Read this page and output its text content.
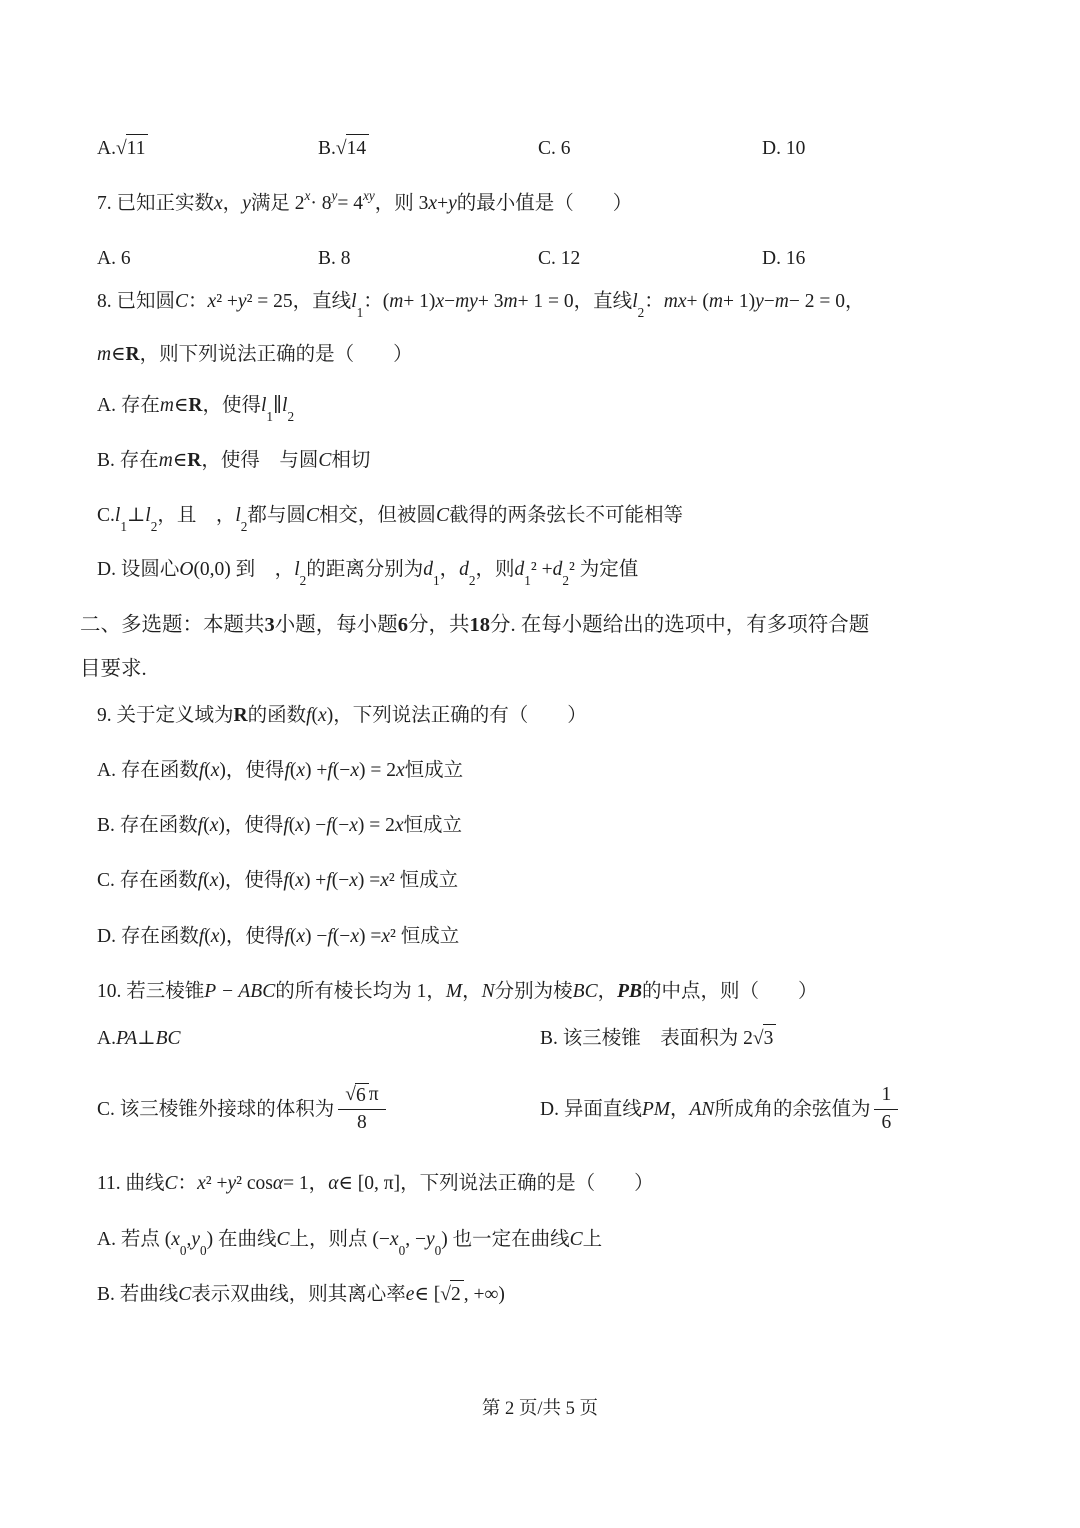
A. √ 11	B. √ 14	C. 6	D. 10
7. 已知正实数 x ， y 满足 2 x · 8 y = 4 xy ，则 3 x + y 的最小值是（　　）
A. 6	B. 8	C. 12	D. 16
8. 已知圆 C ： x ² + y ² = 25，直线 l
1
：( m + 1) x − my + 3 m + 1 = 0，直线 l
2
： mx + ( m + 1) y − m − 2 = 0，
m ∈ R ，则下列说法正确的是（　　）
A. 存在 m ∈ R ，使得 l
1
∥ l
2
B. 存在 m ∈ R ，使得　与圆 C 相切
C. l
1
⊥ l
2
，且　， l
2
都与圆 C 相交，但被圆 C 截得的两条弦长不可能相等
D. 设圆心 O (0,0) 到　， l
2
的距离分别为 d
1
， d
2
，则 d
1
² + d
2
² 为定值
二、多选题：本题共 3 小题，每小题 6 分，共 18 分. 在每小题给出的选项中，有多项符合题
目要求.
9. 关于定义域为 R 的函数 f ( x ) ，下列说法正确的有（　　）
A. 存在函数 f ( x ) ，使得 f ( x ) + f (− x ) = 2 x 恒成立
B. 存在函数 f ( x ) ，使得 f ( x ) − f (− x ) = 2 x 恒成立
C. 存在函数 f ( x ) ，使得 f ( x ) + f (− x ) = x ² 恒成立
D. 存在函数 f ( x ) ，使得 f ( x ) − f (− x ) = x ² 恒成立
10. 若三棱锥 P − ABC 的所有棱长均为 1， M ， N 分别为棱 BC ， PB 的中点，则（　　）
A. PA ⊥ BC	B. 该三棱锥　表面积为 2 √ 3
C. 该三棱锥外接球的体积为 $\frac{√ 6 \pi}{8}$	D. 异面直线 PM ， AN 所成角的余弦值为 $\frac{1}{6}$
11. 曲线 C ： x ² + y ² cos α = 1， α ∈ [0, π]，下列说法正确的是（　　）
A. 若点 ( x
0
, y
0
) 在曲线 C 上，则点 (− x
0
, − y
0
) 也一定在曲线 C 上
B. 若曲线 C 表示双曲线，则其离心率 e ∈ [ √ 2 , +∞)
第 2 页/共 5 页
